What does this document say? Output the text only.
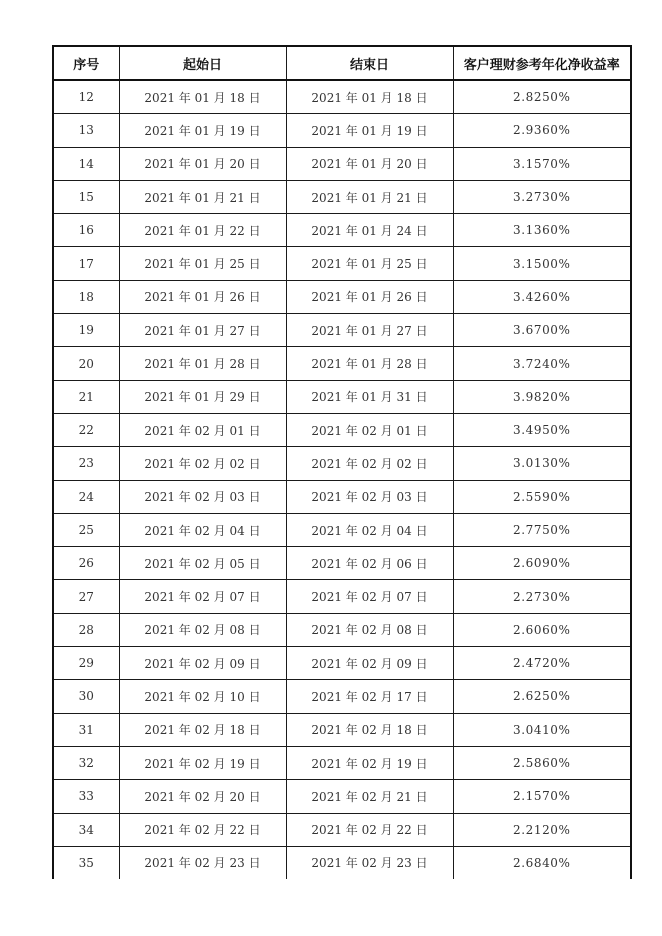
序号	起始日	结束日	客户理财参考年化净收益率
12	2021 年 01 月 18 日	2021 年 01 月 18 日	2.8250%
13	2021 年 01 月 19 日	2021 年 01 月 19 日	2.9360%
14	2021 年 01 月 20 日	2021 年 01 月 20 日	3.1570%
15	2021 年 01 月 21 日	2021 年 01 月 21 日	3.2730%
16	2021 年 01 月 22 日	2021 年 01 月 24 日	3.1360%
17	2021 年 01 月 25 日	2021 年 01 月 25 日	3.1500%
18	2021 年 01 月 26 日	2021 年 01 月 26 日	3.4260%
19	2021 年 01 月 27 日	2021 年 01 月 27 日	3.6700%
20	2021 年 01 月 28 日	2021 年 01 月 28 日	3.7240%
21	2021 年 01 月 29 日	2021 年 01 月 31 日	3.9820%
22	2021 年 02 月 01 日	2021 年 02 月 01 日	3.4950%
23	2021 年 02 月 02 日	2021 年 02 月 02 日	3.0130%
24	2021 年 02 月 03 日	2021 年 02 月 03 日	2.5590%
25	2021 年 02 月 04 日	2021 年 02 月 04 日	2.7750%
26	2021 年 02 月 05 日	2021 年 02 月 06 日	2.6090%
27	2021 年 02 月 07 日	2021 年 02 月 07 日	2.2730%
28	2021 年 02 月 08 日	2021 年 02 月 08 日	2.6060%
29	2021 年 02 月 09 日	2021 年 02 月 09 日	2.4720%
30	2021 年 02 月 10 日	2021 年 02 月 17 日	2.6250%
31	2021 年 02 月 18 日	2021 年 02 月 18 日	3.0410%
32	2021 年 02 月 19 日	2021 年 02 月 19 日	2.5860%
33	2021 年 02 月 20 日	2021 年 02 月 21 日	2.1570%
34	2021 年 02 月 22 日	2021 年 02 月 22 日	2.2120%
35	2021 年 02 月 23 日	2021 年 02 月 23 日	2.6840%
